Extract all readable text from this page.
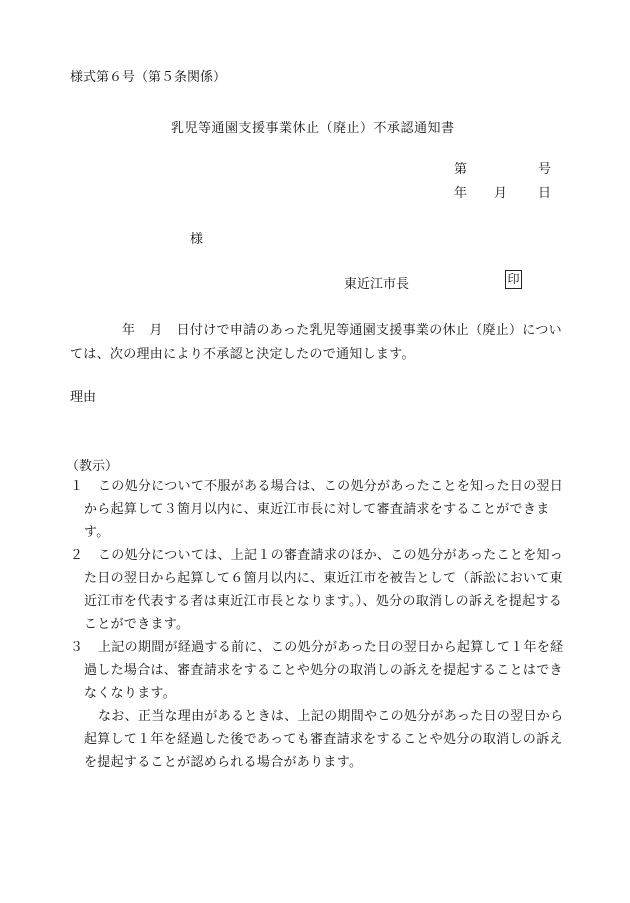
様式第６号（第５条関係）
乳児等通園支援事業休止（廃止）不承認通知書
第	号
年 月 日
様
東近江市長	印
年 月 日付けで申請のあった乳児等通園支援事業の休止（廃止）については、次の理由により不承認と決定したので通知します。
理由
（教示）
１	この処分について不服がある場合は、この処分があったことを知った日の翌日から起算して３箇月以内に、東近江市長に対して審査請求をすることができます。
２	この処分については、上記１の審査請求のほか、この処分があったことを知った日の翌日から起算して６箇月以内に、東近江市を被告として（訴訟において東近江市を代表する者は東近江市長となります。）、処分の取消しの訴えを提起することができます。
３	上記の期間が経過する前に、この処分があった日の翌日から起算して１年を経過した場合は、審査請求をすることや処分の取消しの訴えを提起することはできなくなります。
なお、正当な理由があるときは、上記の期間やこの処分があった日の翌日から起算して１年を経過した後であっても審査請求をすることや処分の取消しの訴えを提起することが認められる場合があります。
